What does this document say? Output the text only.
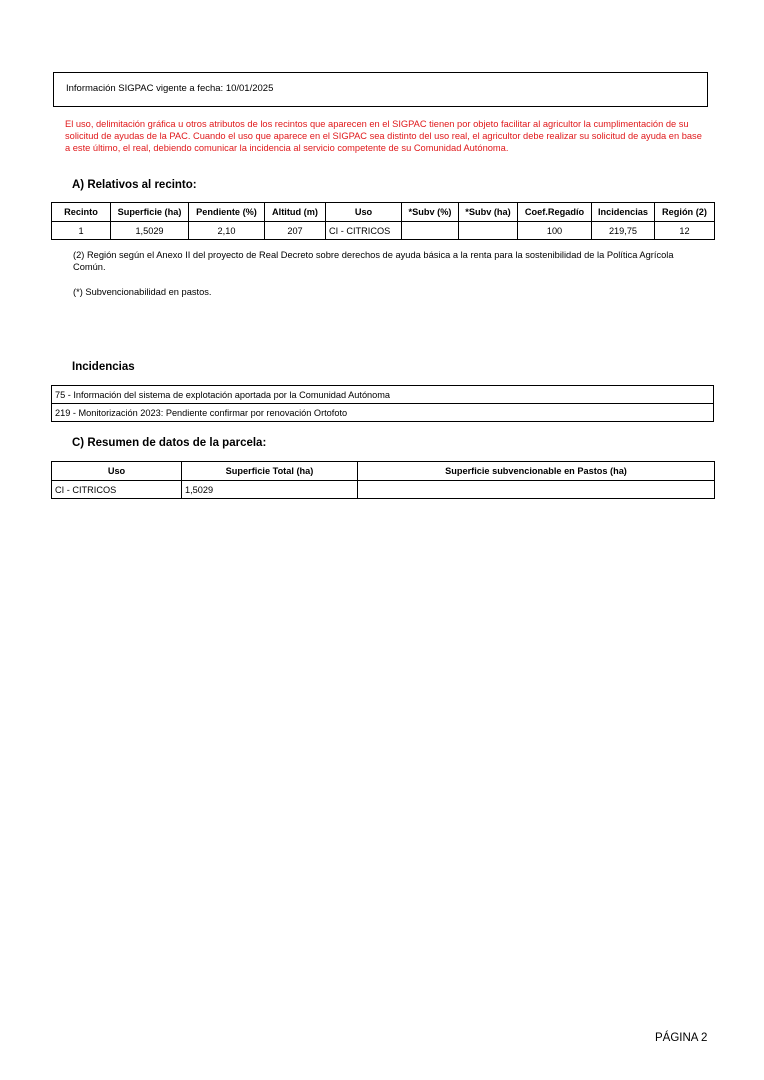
Información SIGPAC vigente a fecha: 10/01/2025
El uso, delimitación gráfica u otros atributos de los recintos que aparecen en el SIGPAC tienen por objeto facilitar al agricultor la cumplimentación de su solicitud de ayudas de la PAC. Cuando el uso que aparece en el SIGPAC sea distinto del uso real, el agricultor debe realizar su solicitud de ayuda en base a este último, el real, debiendo comunicar la incidencia al servicio competente de su Comunidad Autónoma.
A) Relativos al recinto:
Recinto	Superficie (ha)	Pendiente (%)	Altitud (m)	Uso	*Subv (%)	*Subv (ha)	Coef.Regadío	Incidencias	Región (2)
1	1,5029	2,10	207	CI - CITRICOS			100	219,75	12
(2) Región según el Anexo II del proyecto de Real Decreto sobre derechos de ayuda básica a la renta para la sostenibilidad de la Política Agrícola Común.
(*) Subvencionabilidad en pastos.
Incidencias
75 - Información del sistema de explotación aportada por la Comunidad Autónoma
219 - Monitorización 2023: Pendiente confirmar por renovación Ortofoto
C) Resumen de datos de la parcela:
Uso	Superficie Total (ha)	Superficie subvencionable en Pastos (ha)
CI - CITRICOS	1,5029	
PÁGINA 2
